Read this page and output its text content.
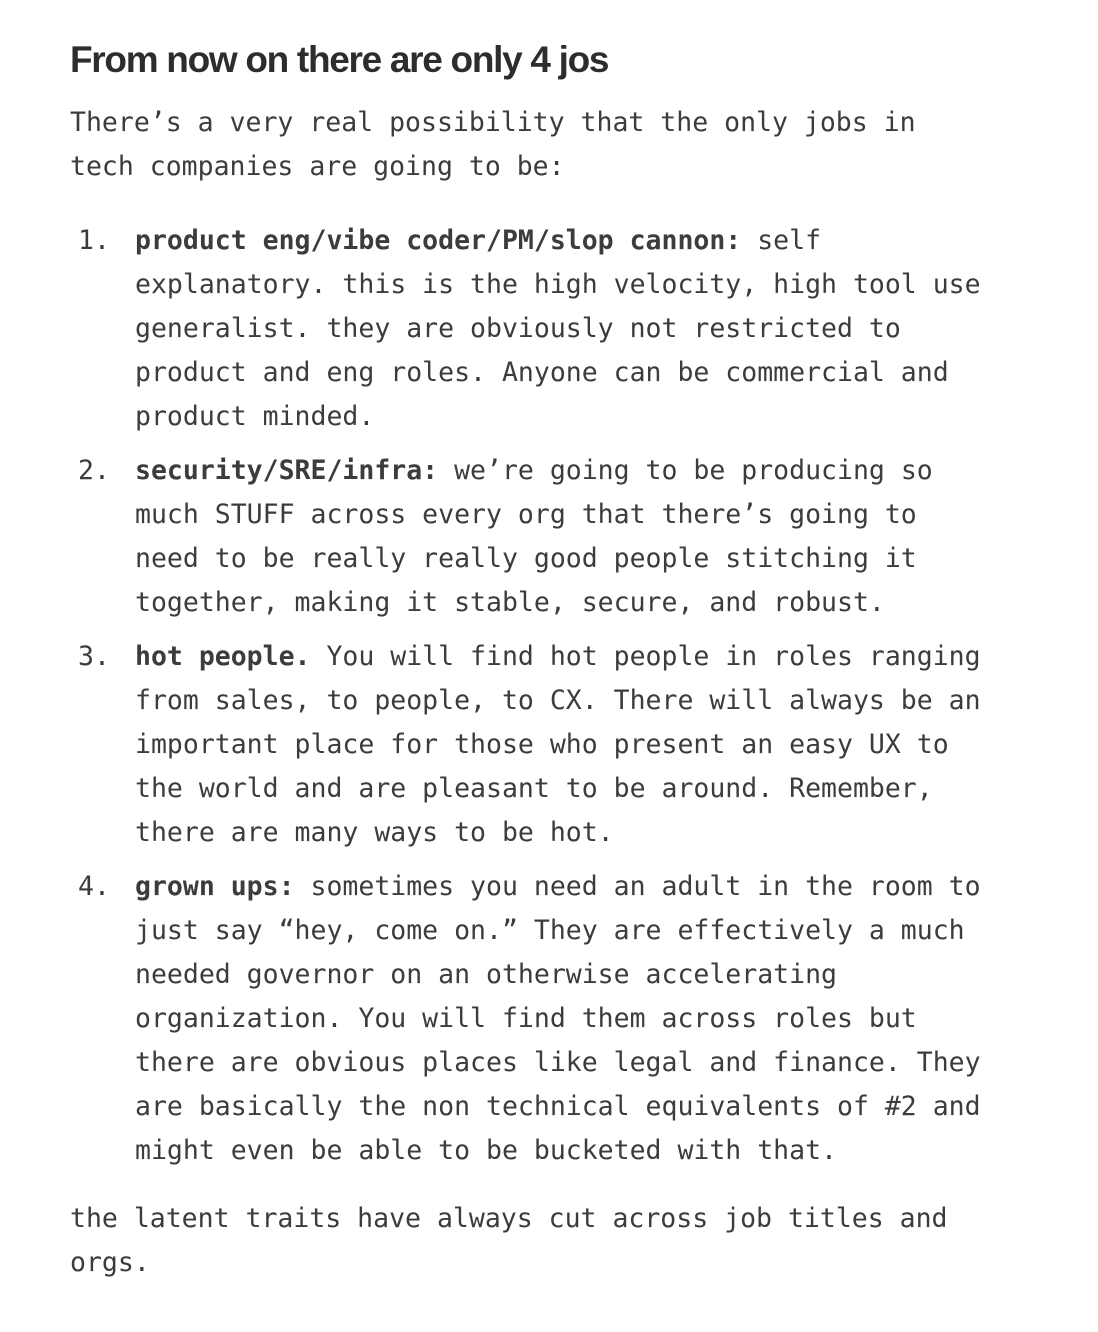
From now on there are only 4 jos

There’s a very real possibility that the only jobs in tech companies are going to be:

1. product eng/vibe coder/PM/slop cannon: self explanatory. this is the high velocity, high tool use generalist. they are obviously not restricted to product and eng roles. Anyone can be commercial and product minded.
2. security/SRE/infra: we’re going to be producing so much STUFF across every org that there’s going to need to be really really good people stitching it together, making it stable, secure, and robust.
3. hot people. You will find hot people in roles ranging from sales, to people, to CX. There will always be an important place for those who present an easy UX to the world and are pleasant to be around. Remember, there are many ways to be hot.
4. grown ups: sometimes you need an adult in the room to just say “hey, come on.” They are effectively a much needed governor on an otherwise accelerating organization. You will find them across roles but there are obvious places like legal and finance. They are basically the non technical equivalents of #2 and might even be able to be bucketed with that.

the latent traits have always cut across job titles and orgs.
